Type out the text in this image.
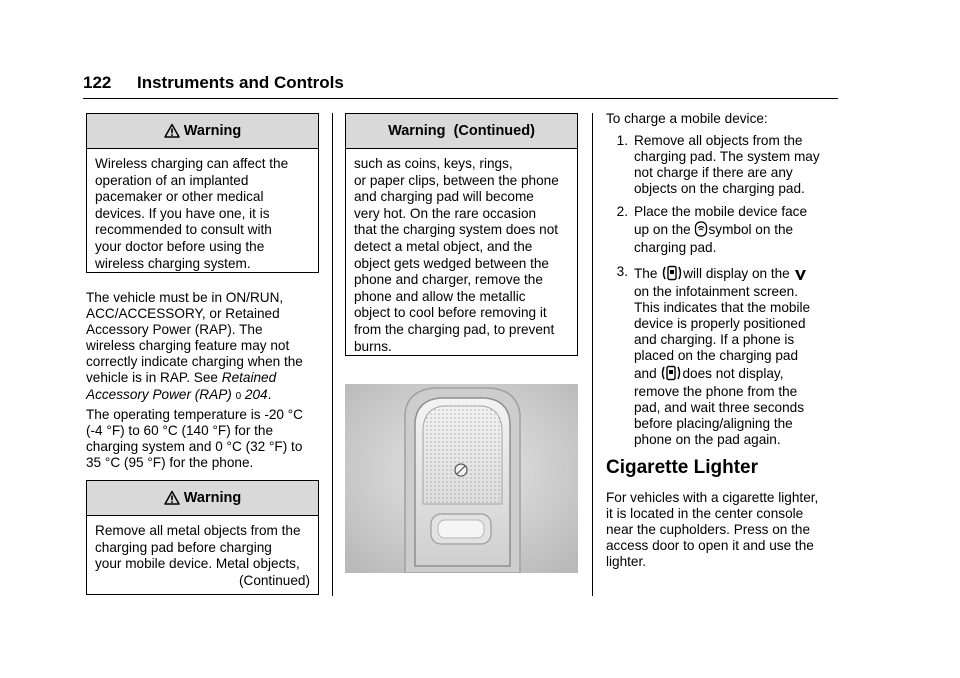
122 Instruments and Controls
Warning
Wireless charging can affect the
operation of an implanted
pacemaker or other medical
devices. If you have one, it is
recommended to consult with
your doctor before using the
wireless charging system.
The vehicle must be in ON/RUN,
ACC/ACCESSORY, or Retained
Accessory Power (RAP). The
wireless charging feature may not
correctly indicate charging when the
vehicle is in RAP. See Retained
Accessory Power (RAP) 0 204.
The operating temperature is -20 °C
(-4 °F) to 60 °C (140 °F) for the
charging system and 0 °C (32 °F) to
35 °C (95 °F) for the phone.
Warning
Remove all metal objects from the
charging pad before charging
your mobile device. Metal objects,
(Continued)
Warning  (Continued)
such as coins, keys, rings,
or paper clips, between the phone
and charging pad will become
very hot. On the rare occasion
that the charging system does not
detect a metal object, and the
object gets wedged between the
phone and charger, remove the
phone and allow the metallic
object to cool before removing it
from the charging pad, to prevent
burns.
To charge a mobile device:
1. Remove all objects from the
charging pad. The system may
not charge if there are any
objects on the charging pad.
2. Place the mobile device face
up on the symbol on the
charging pad.
3. The will display on the
on the infotainment screen.
This indicates that the mobile
device is properly positioned
and charging. If a phone is
placed on the charging pad
and does not display,
remove the phone from the
pad, and wait three seconds
before placing/aligning the
phone on the pad again.
Cigarette Lighter
For vehicles with a cigarette lighter,
it is located in the center console
near the cupholders. Press on the
access door to open it and use the
lighter.
